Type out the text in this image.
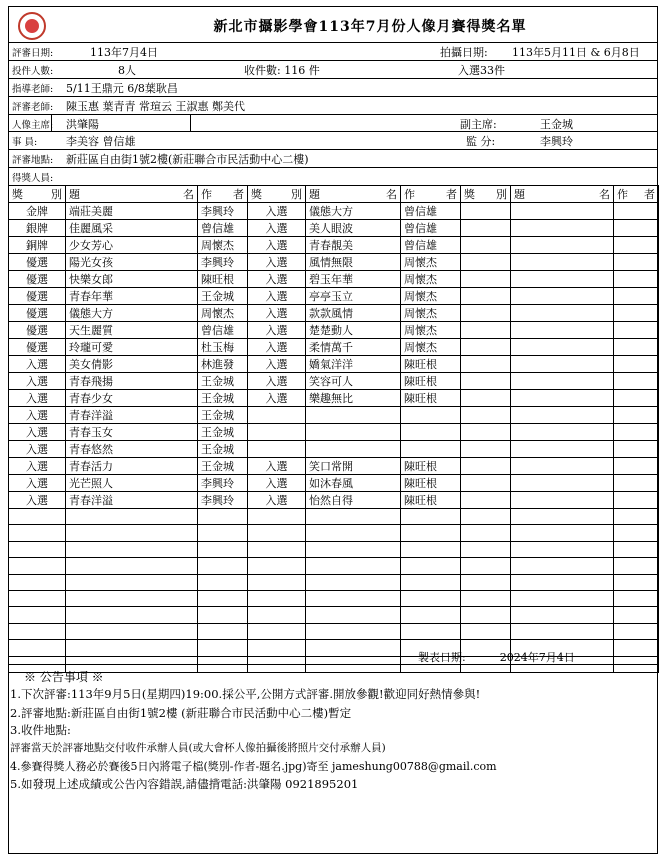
新北市攝影學會113年7月份人像月賽得獎名單
評審日期:	113年7月4日	拍攝日期: 113年5月11日 & 6月8日
投件人數:	8人	收件數: 116 件	入選33件
指導老師: 5/11王鼎元 6/8葉耿昌
評審老師: 陳玉惠 葉青青 常瑄云 王淑惠 鄭美代
人像主席: 洪肇陽	副主席:	王金城
事 員:	李美容 曾信雄	監 分:	李興玲
評審地點: 新莊區自由街1號2樓(新莊聯合市民活動中心二樓)
得獎人員:
獎 別	題 名	作 者	獎 別	題 名	作 者	獎 別	題 名	作 者

金牌	端莊美麗	李興玲	入選	儀態大方	曾信雄			
銀牌	佳麗風采	曾信雄	入選	美人眼波	曾信雄			
銅牌	少女芳心	周懷杰	入選	青春靚美	曾信雄			
優選	陽光女孩	李興玲	入選	風情無限	周懷杰			
優選	快樂女郎	陳旺根	入選	碧玉年華	周懷杰			
優選	青春年華	王金城	入選	亭亭玉立	周懷杰			
優選	儀態大方	周懷杰	入選	款款風情	周懷杰			
優選	天生麗質	曾信雄	入選	楚楚動人	周懷杰			
優選	玲瓏可愛	杜玉梅	入選	柔情萬千	周懷杰			
入選	美女倩影	林進發	入選	嬌氣洋洋	陳旺根			
入選	青春飛揚	王金城	入選	笑容可人	陳旺根			
入選	青春少女	王金城	入選	樂趣無比	陳旺根			
入選	青春洋溢	王金城						
入選	青春玉女	王金城						
入選	青春悠然	王金城						
入選	青春活力	王金城	入選	笑口常開	陳旺根			
入選	光芒照人	李興玲	入選	如沐春風	陳旺根			
入選	青春洋溢	李興玲	入選	怡然自得	陳旺根			

製表日期:	2024年7月4日
※ 公告事項 ※
1.下次評審:113年9月5日(星期四)19:00.採公平,公開方式評審.開放參觀!歡迎同好熱情參與!
2.評審地點:新莊區自由街1號2樓 (新莊聯合市民活動中心二樓)暫定
3.收件地點:
評審當天於評審地點交付收件承辦人員(或大會杯人像拍攝後將照片交付承辦人員)
4.參賽得獎人務必於賽後5日內將電子檔(獎別-作者-題名.jpg)寄至 jameshung00788@gmail.com
5.如發現上述成績或公告內容錯誤,請儘揹電話:洪肇陽 0921895201
